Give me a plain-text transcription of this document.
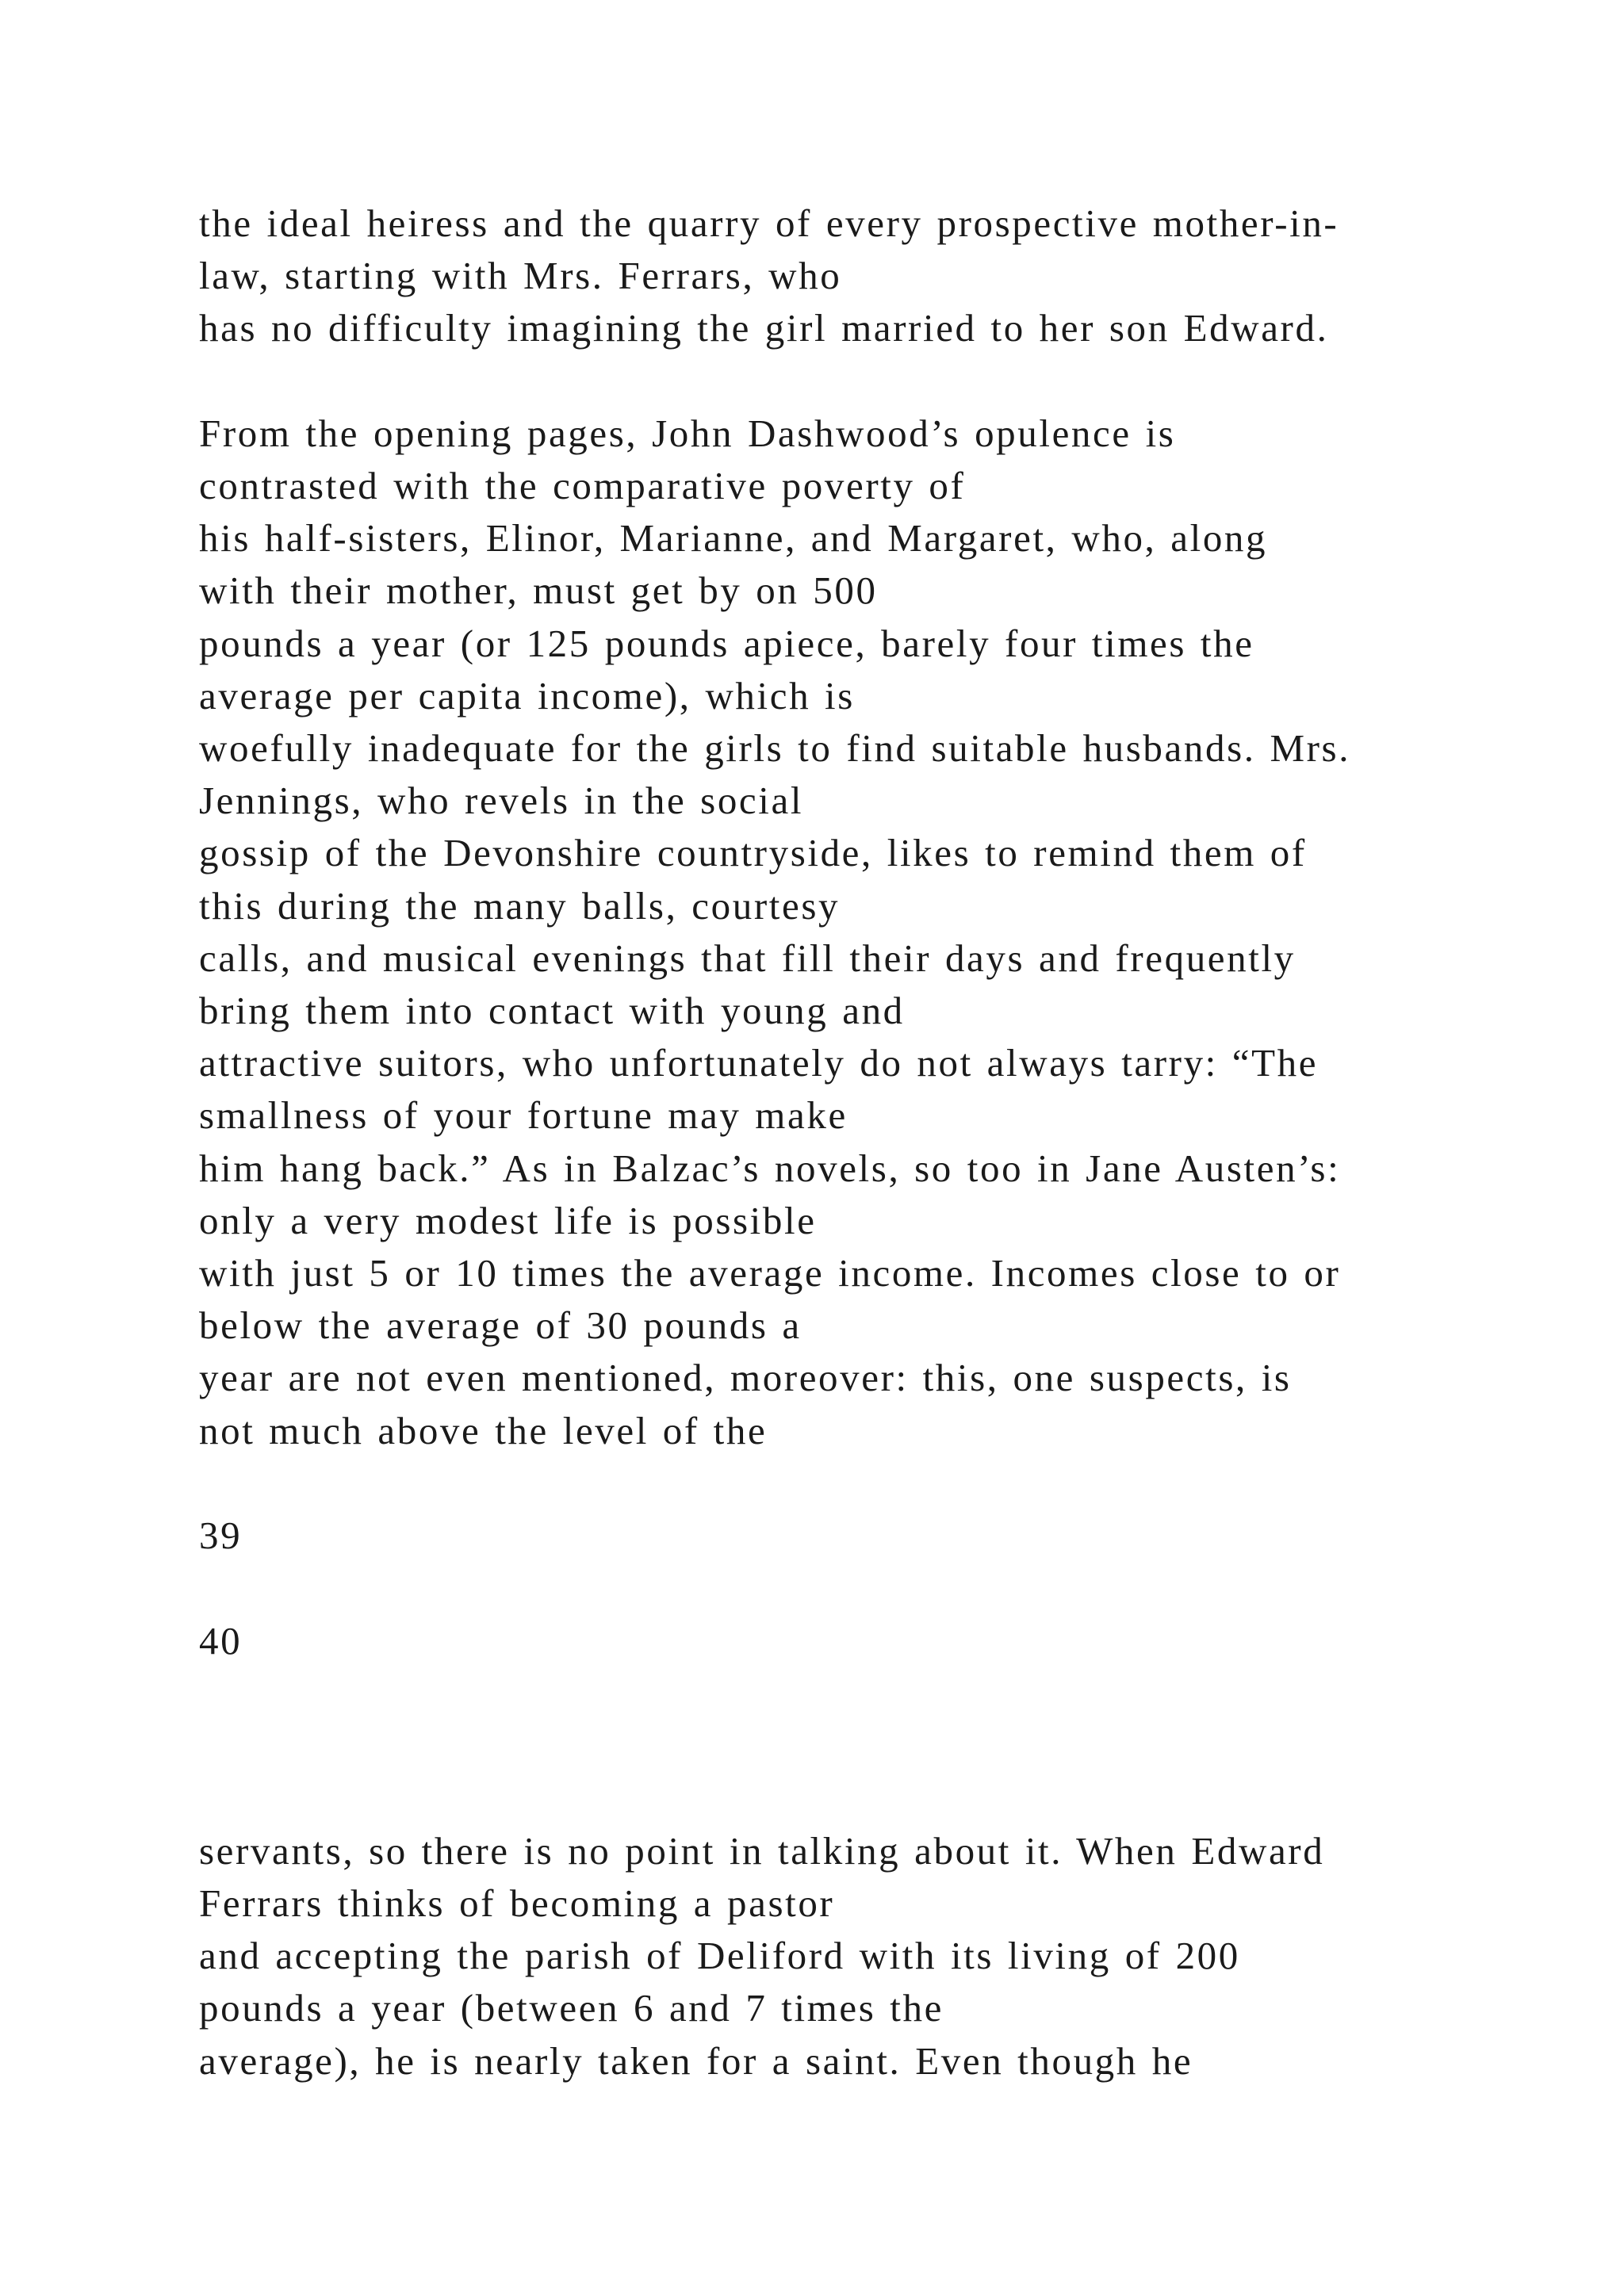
the ideal heiress and the quarry of every prospective mother-in-

law, starting with Mrs. Ferrars, who

has no difficulty imagining the girl married to her son Edward.

From the opening pages, John Dashwood’s opulence is

contrasted with the comparative poverty of

his half-sisters, Elinor, Marianne, and Margaret, who, along

with their mother, must get by on 500

pounds a year (or 125 pounds apiece, barely four times the

average per capita income), which is

woefully inadequate for the girls to find suitable husbands. Mrs.

Jennings, who revels in the social

gossip of the Devonshire countryside, likes to remind them of

this during the many balls, courtesy

calls, and musical evenings that fill their days and frequently

bring them into contact with young and

attractive suitors, who unfortunately do not always tarry: “The

smallness of your fortune may make

him hang back.” As in Balzac’s novels, so too in Jane Austen’s:

only a very modest life is possible

with just 5 or 10 times the average income. Incomes close to or

below the average of 30 pounds a

year are not even mentioned, moreover: this, one suspects, is

not much above the level of the

39

40

servants, so there is no point in talking about it. When Edward

Ferrars thinks of becoming a pastor

and accepting the parish of Deliford with its living of 200

pounds a year (between 6 and 7 times the

average), he is nearly taken for a saint. Even though he
